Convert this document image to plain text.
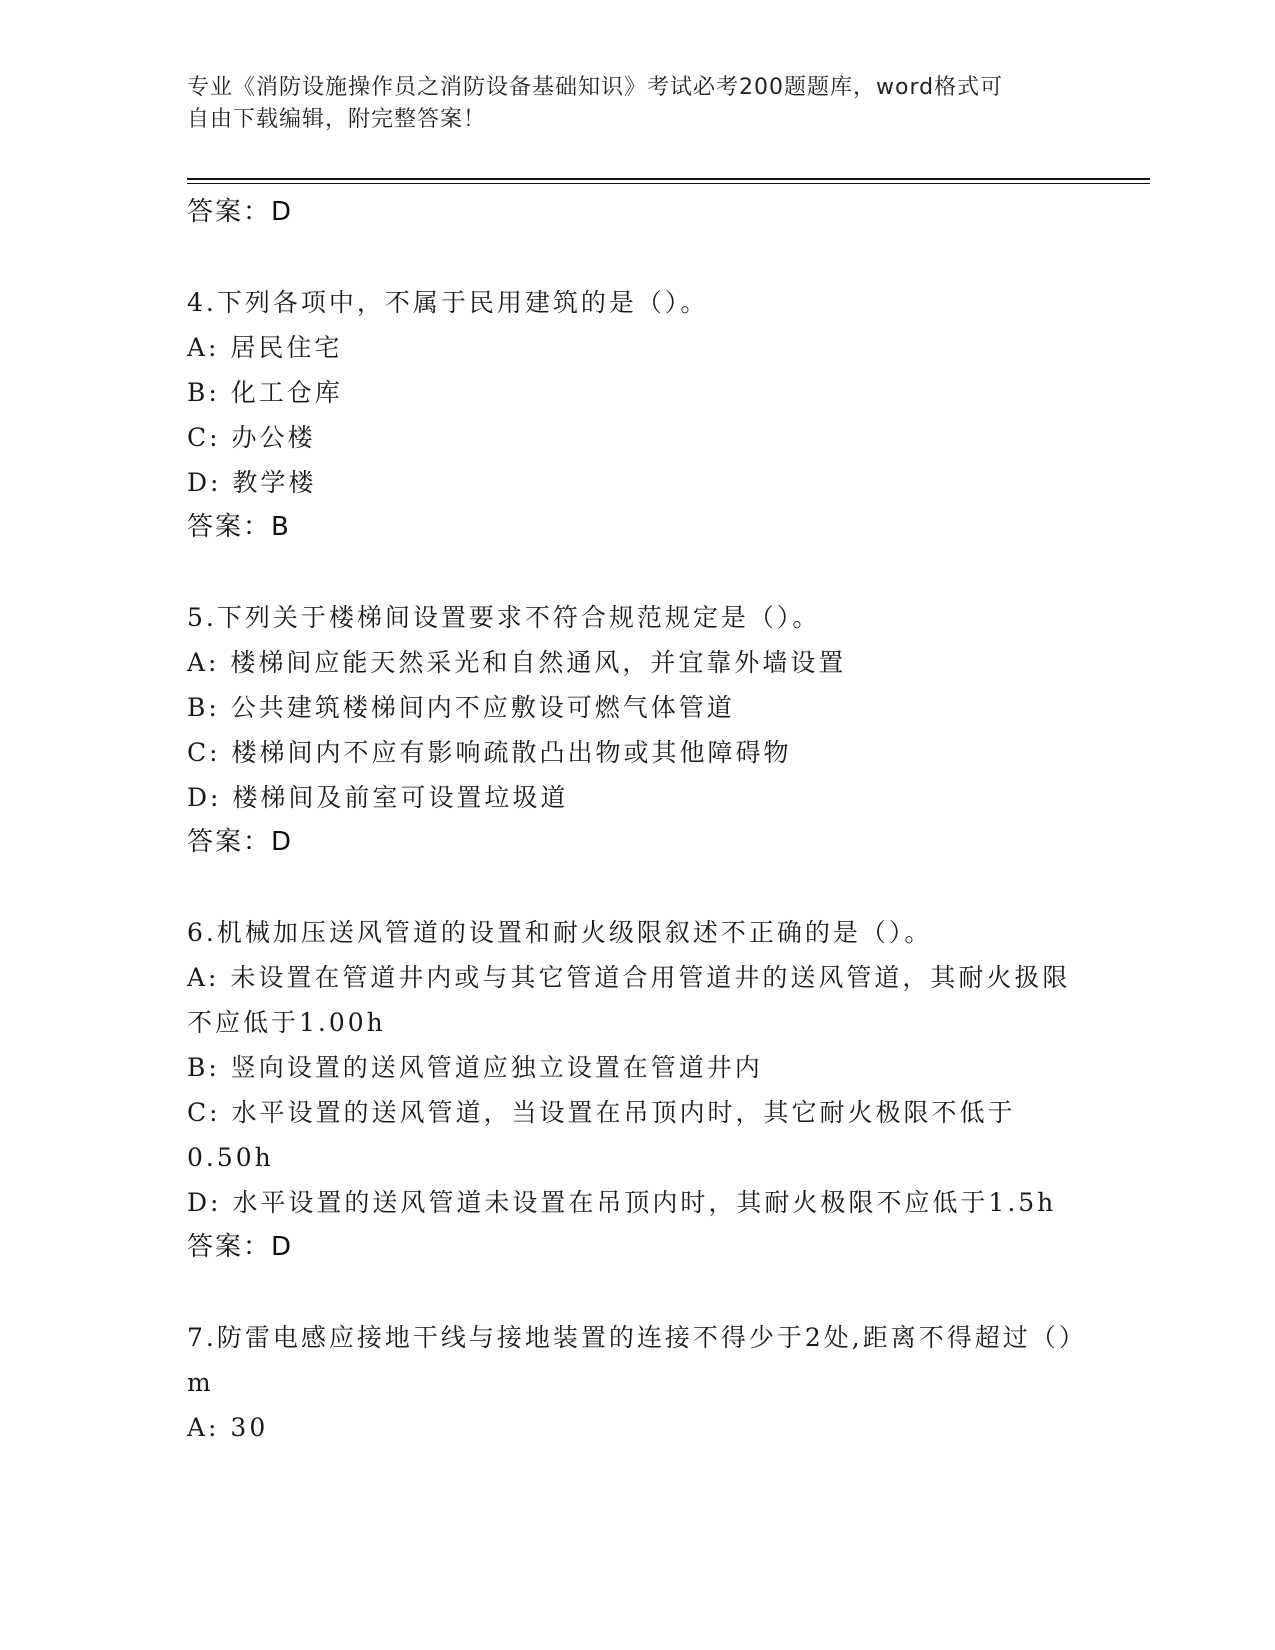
专业《消防设施操作员之消防设备基础知识》考试必考200题题库，word格式可
自由下载编辑，附完整答案！
答案：D
4.下列各项中，不属于民用建筑的是（）。
A: 居民住宅
B: 化工仓库
C: 办公楼
D: 教学楼
答案：B
5.下列关于楼梯间设置要求不符合规范规定是（）。
A: 楼梯间应能天然采光和自然通风，并宜靠外墙设置
B: 公共建筑楼梯间内不应敷设可燃气体管道
C: 楼梯间内不应有影响疏散凸出物或其他障碍物
D: 楼梯间及前室可设置垃圾道
答案：D
6.机械加压送风管道的设置和耐火级限叙述不正确的是（）。
A: 未设置在管道井内或与其它管道合用管道井的送风管道，其耐火扱限不应低于1.00h
B: 竖向设置的送风管道应独立设置在管道井内
C: 水平设置的送风管道，当设置在吊顶内时，其它耐火极限不低于0.50h
D: 水平设置的送风管道未设置在吊顶内时，其耐火极限不应低于1.5h
答案：D
7.防雷电感应接地干线与接地装置的连接不得少于2处,距离不得超过（）m
A: 30
